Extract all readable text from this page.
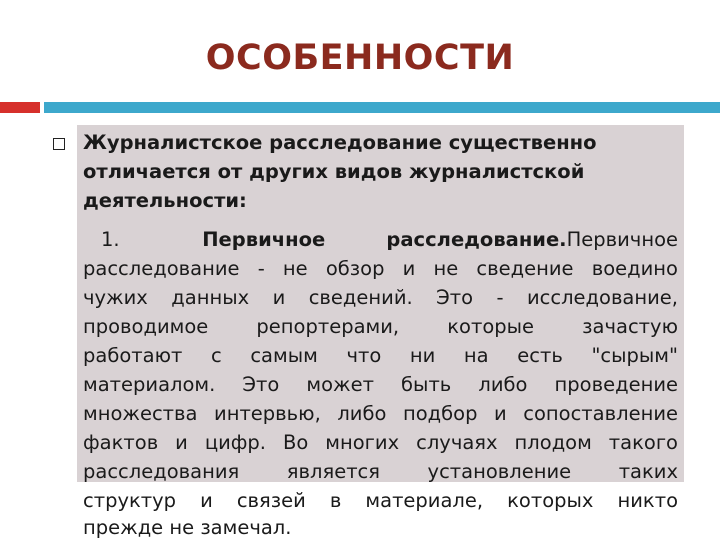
ОСОБЕННОСТИ
Журналистское расследование существенно
отличается от других видов журналистской
деятельности:
1.	Первичное расследование. Первичное
расследование - не обзор и не сведение воедино
чужих данных и сведений. Это - исследование,
проводимое репортерами, которые зачастую
работают с самым что ни на есть "сырым"
материалом. Это может быть либо проведение
множества интервью, либо подбор и сопоставление
фактов и цифр. Во многих случаях плодом такого
расследования является установление таких
структур и связей в материале, которых никто
прежде не замечал.
